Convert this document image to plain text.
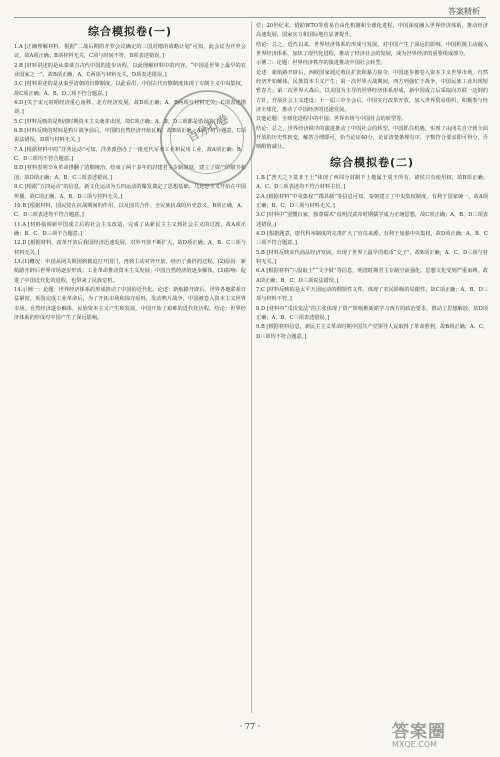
答案精析
综合模拟卷(一)

1.A [正确理解材料。根据“二战后期的开罗会议确定的三国对德的战略计划”可知，此会议为开罗会议，故A项正确；B项材料无关，C项与时间不符，D项表述错误。]

2.B [材料讲述的是从泰谈吉古代中国的进步历程，以此理解材料中的内容，“中国是世界上最早的农业国家之一”，故B项正确，A、C两项与材料无关，D项表述错误。]

3.C [材料讲述的是从秦至清朝的官僚制度，以此看出，中国古代官僚制度体现了专制主义中央集权，故C项正确；A、B、D三项不符合题意。]

4.D [关于宋元时期经济重心南移、北方经济发展，故D项正确；A、B两项与材料无关，C项表述错误。]

5.C [材料反映的是明清时期资本主义萌芽出现，故C项正确；A、B、D三项都是错误的。]

6.B [材料反映的时间是鸦片战争前后，中国的自然经济开始瓦解，故B项正确。A项不符合题意，C项说法错误，D项与材料无关。]

7.A [根据材料中的“洋务运动”可知，洋务派创办了一批近代军事工业和民用工业，故A项正确；B、C、D三项均不符合题意。]

8.D [材料表明辛亥革命推翻了清朝统治，结束了两千多年的封建君主专制制度，建立了资产阶级共和国，故D项正确；A、B、C三项表述错误。]

9.C [根据“五四运动”的信息，新文化运动为五四运动的爆发奠定了思想基础，马克思主义开始在中国传播，故C项正确，A、B、D三项与材料无关。]

10.B [根据材料，国民党在抗战期间的作用，以及国共合作、全民族抗战的历史意义，B项正确，A、C、D三项表述均不符合题意。]

11.A [材料强调新中国成立后的社会主义改造，完成了从新民主主义到社会主义的过渡，故A项正确；B、C、D三项不合题意。]

12.D [根据材料，改革开放后我国经济迅速发展，对外开放不断扩大，故D项正确；A、B、C三项与材料无关。]

13.(1)概况：中国从闭关锁国到被迫打开国门，再到主动对外开放，经历了曲折的过程。(2)原因：新航路开辟后世界市场逐步形成；工业革命推动资本主义发展；中国自然经济的逐步解体。(3)影响：促进了中国近代化的进程，也带来了民族危机。

14.示例一：论题：世界经济体系的形成推动了中国的近代化。论述：新航路开辟后，世界各地联系日益紧密，英国完成工业革命后，为了开拓市场和掠夺原料，发动鸦片战争，中国被卷入资本主义世界市场，自然经济逐步解体，民族资本主义产生和发展，中国开始了艰难的近代化历程。结论：世界经济体系的形成对中国产生了深远影响。

位；20世纪末，借助WTO等贸易自由化机制和全球化进程，中国深度融入世界经济体系，推动经济高速发展，国家实力和国际地位显著提升。

结论：总之，近代以来，世界经济体系的形成与发展，对中国产生了深远的影响，中国积极主动融入世界经济体系，加快了现代化进程，推动了经济社会的发展，成为世界经济的重要组成部分。

示例二：论题：世界经济秩序的演进推动中国社会转型。

论述：新航路开辟后，西欧国家通过殖民扩张和暴力掠夺，中国逐步被卷入资本主义世界市场，自然经济开始解体，民族资本主义产生；第一次世界大战期间，西方列强忙于战争，中国民族工业出现短暂春天；第二次世界大战后，以美国为主导的世界经济体系形成，新中国成立后采取向苏联一边倒的方针，开展社会主义建设；十一届三中全会后，中国实行改革开放，加入世界贸易组织，积极参与经济全球化，推动了中国经济的迅速发展。

其他论题：全球化进程中的中国；世界市场与中国社会的转型等。

结论：总之，世界经济秩序的演进推动了中国社会的转型，中国抓住机遇，实现了由闭关自守到全面开放的历史性转变，解答合理即可，恰当论证40分，论证清楚条理有序，字数符合要求即可得分，否则酌情减分。

综合模拟卷(二)

1.B [“普天之下莫非王土”体现了西周分封制下土地属于周王所有，诸侯只有使用权，故B项正确；A、C、D三项表述均不符合材料主旨。]

2.A [根据材料“中央集权”“郡县制”等信息可知，秦朝建立了中央集权制度，有利于国家统一，故A项正确；B、C、D三项与材料无关。]

3.C [材料中“罢黜百家，独尊儒术”说明汉武帝时期儒学成为正统思想，故C项正确；A、B、D三项表述错误。]

4.D [根据题意，唐代科举制度的完善扩大了官员来源，有利于加强中央集权，故D项正确；A、B、C三项不符合题意。]

5.B [材料反映宋代商品经济发展，出现了世界上最早的纸币“交子”，故B项正确；A、C、D三项与材料无关。]

6.A [根据材料“八股取士”“文字狱”等信息，明清时期君主专制空前强化，思想文化受到严重束缚，故A项正确；B、C、D三项说法错误。]

7.C [材料反映的是太平天国运动的纲领性文件，体现了农民阶级的局限性，故C项正确；A、B、D三项与材料不符。]

8.D [材料中“戊戌变法”的主张体现了资产阶级维新派学习西方的政治要求，推动了思想解放，故D项正确；A、B、C三项表述错误。]

9.B [根据材料信息，新民主主义革命时期中国共产党领导人民取得了革命胜利，故B项正确；A、C、D三项均不符合题意。]

百分打卷
· 77 ·	答案圈
MXQE.COM
